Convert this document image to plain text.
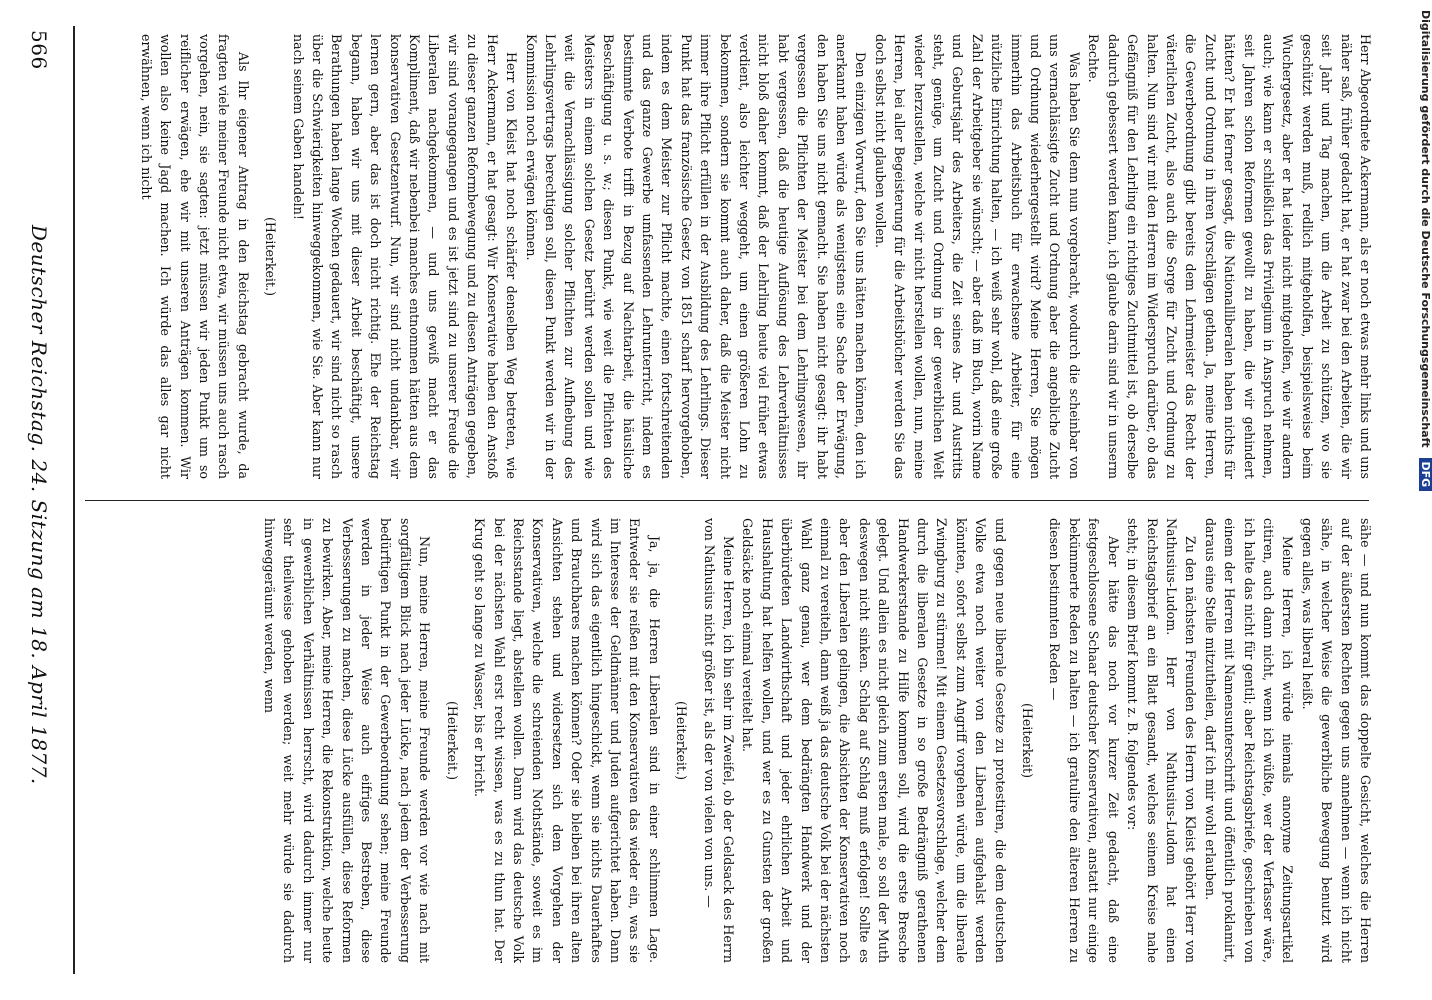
566
Deutscher Reichstag. 24. Sitzung am 18. April 1877.	Herr Abgeordnete Ackermann, als er noch etwas mehr links und uns näher saß, früher gedacht hat, er hat zwar bei den Arbeiten, die wir seit Jahr und Tag machen, um die Arbeit zu schützen, wo sie geschützt werden muß, redlich mitgeholfen, beispielsweise beim Wuchergesetz, aber er hat leider nicht mitgeholfen, wie wir andern auch; wie kann er schließlich das Privilegium in Anspruch nehmen, seit Jahren schon Reformen gewollt zu haben, die wir gehindert hätten? Er hat ferner gesagt, die Nationalliberalen haben nichts für Zucht und Ordnung in ihren Vorschlägen gethan. Ja, meine Herren, die Gewerbeordnung gibt bereits dem Lehrmeister das Recht der väterlichen Zucht, also auch die Sorge für Zucht und Ordnung zu halten. Nun sind wir mit den Herren im Widerspruch darüber, ob das Gefängniß für den Lehrling ein richtiges Zuchtmittel ist, ob derselbe dadurch gebessert werden kann, ich glaube darin sind wir in unserm Rechte.

Was haben Sie denn nun vorgebracht, wodurch die scheinbar von uns vernachlässigte Zucht und Ordnung aber die angebliche Zucht und Ordnung wiederhergestellt wird? Meine Herren, Sie mögen immerhin das Arbeitsbuch für erwachsene Arbeiter, für eine nützliche Einrichtung halten, — ich weiß sehr wohl, daß eine große Zahl der Arbeitgeber sie wünscht; — aber daß im Buch, worin Name und Geburtsjahr des Arbeiters, die Zeit seines An- und Austritts steht, genüge, um Zucht und Ordnung in der gewerblichen Welt wieder herzustellen, welche wir nicht herstellen wollen, nun, meine Herren, bei aller Begeisterung für die Arbeitsbücher werden Sie das doch selbst nicht glauben wollen.

Den einzigen Vorwurf, den Sie uns hätten machen können, den ich anerkannt haben würde als wenigstens eine Sache der Erwägung, den haben Sie uns nicht gemacht. Sie haben nicht gesagt: ihr habt vergessen die Pflichten der Meister bei dem Lehrlingswesen, ihr habt vergessen, daß die heutige Auflösung des Lehrverhältnisses nicht bloß daher kommt, daß der Lehrling heute viel früher etwas verdient, also leichter weggeht, um einen größeren Lohn zu bekommen, sondern sie kommt auch daher, daß die Meister nicht immer ihre Pflicht erfüllen in der Ausbildung des Lehrlings. Dieser Punkt hat das französische Gesetz von 1851 scharf hervorgehoben, indem es dem Meister zur Pflicht machte, einen fortschreitenden und das ganze Gewerbe umfassenden Lehrunterricht, indem es bestimmte Verbote trifft in Bezug auf Nachtarbeit, die häusliche Beschäftigung u. s. w.; diesen Punkt, wie weit die Pflichten des Meisters in einem solchen Gesetz berührt werden sollen und wie weit die Vernachlässigung solcher Pflichten zur Aufhebung des Lehrlingsvertrags berechtigen soll, diesen Punkt werden wir in der Kommission noch erwägen können.

Herr von Kleist hat noch schärfer denselben Weg betreten, wie Herr Ackermann, er hat gesagt: Wir Konservative haben den Anstoß zu dieser ganzen Reformbewegung und zu diesen Anträgen gegeben, wir sind vorangegangen und es ist jetzt sind zu unserer Freude die Liberalen nachgekommen, — und uns gewiß macht er das Kompliment, daß wir nebenbei manches entnommen hätten aus dem konservativen Gesetzentwurf. Nun, wir sind nicht undankbar, wir lernen gern, aber das ist doch nicht richtig. Ehe der Reichstag begann, haben wir uns mit dieser Arbeit beschäftigt, unsere Berathungen haben lange Wochen gedauert, wir sind nicht so rasch über die Schwierigkeiten hinweggekommen, wie Sie. Aber kann nur nach seinem Gaben handeln!

(Heiterkeit.)

Als Ihr eigener Antrag in den Reichstag gebracht wurde, da fragten viele meiner Freunde nicht etwa, wir müssen uns auch rasch vorgehen, nein, sie sagten: jetzt müssen wir jeden Punkt um so reiflicher erwägen, ehe wir mit unseren Anträgen kommen. Wir wollen also keine Jagd machen. Ich würde das alles gar nicht erwähnen, wenn ich nicht

sähe — und nun kommt das doppelte Gesicht, welches die Herren auf der äußersten Rechten gegen uns annehmen — wenn ich nicht sähe, in welcher Weise die gewerbliche Bewegung benutzt wird gegen alles, was liberal heißt.

Meine Herren, ich würde niemals anonyme Zeitungsartikel citiren, auch dann nicht, wenn ich wüßte, wer der Verfasser wäre, ich halte das nicht für gentil; aber Reichstagsbriefe, geschrieben von einem der Herren mit Namensunterschrift und öffentlich proklamirt, daraus eine Stelle mitzutheilen, darf ich mir wohl erlauben.

Zu den nächsten Freunden des Herrn von Kleist gehört Herr von Nathusius-Ludom. Herr von Nathusius-Ludom hat einen Reichstagsbrief an ein Blatt gesandt, welches seinem Kreise nahe steht; in diesem Brief kommt z. B. folgendes vor:

Aber hätte das noch vor kurzer Zeit gedacht, daß eine festgeschlossene Schaar deutscher Konservativen, anstatt nur einige bekümmerte Reden zu halten — ich gratulire den älteren Herren zu diesen bestimmten Reden —

(Heiterkeit)

und gegen neue liberale Gesetze zu protestiren, die dem deutschen Volke etwa noch weiter von den Liberalen aufgehalst werden könnten, sofort selbst zum Angriff vorgehen würde, um die liberale Zwingburg zu stürmen! Mit einem Gesetzesvorschlage, welcher dem durch die liberalen Gesetze in so große Bedrängniß gerathenen Handwerkerstande zu Hilfe kommen soll, wird die erste Bresche gelegt. Und allein es nicht gleich zum ersten male, so soll der Muth deswegen nicht sinken. Schlag auf Schlag muß erfolgen! Sollte es aber den Liberalen gelingen, die Absichten der Konservativen noch einmal zu vereiteln, dann weiß ja das deutsche Volk bei der nächsten Wahl ganz genau, wer dem bedrängten Handwerk und der überbürdeten Landwirthschaft und jeder ehrlichen Arbeit und Haushaltung hat helfen wollen, und wer es zu Gunsten der großen Geldsäcke noch einmal vereitelt hat.

Meine Herren, ich bin sehr im Zweifel, ob der Geldsack des Herrn von Nathusius nicht größer ist, als der von vielen von uns. —

(Heiterkeit.)

Ja, ja, die Herren Liberalen sind in einer schlimmen Lage. Entweder sie reißen mit den Konservativen das wieder ein, was sie im Interesse der Geldmänner und Juden aufgerichtet haben. Dann wird sich das eigentlich hingeschickt, wenn sie nichts Dauerhaftes und Brauchbares machen können? Oder sie bleiben bei ihren alten Ansichten stehen und widersetzen sich dem Vorgehen der Konservativen, welche die schreienden Nothstände, soweit es im Reichsstande liegt, abstellen wollen. Dann wird das deutsche Volk bei der nächsten Wahl erst recht wissen, was es zu thun hat. Der Krug geht so lange zu Wasser, bis er bricht.

(Heiterkeit.)

Nun, meine Herren, meine Freunde werden vor wie nach mit sorgfältigem Blick nach jeder Lücke, nach jedem der Verbesserung bedürftigen Punkt in der Gewerbeordnung sehen; meine Freunde werden in jeder Weise auch eifriges Bestreben, diese Verbesserungen zu machen, diese Lücke ausfüllen, diese Reformen zu bewirken. Aber, meine Herren, die Rekonstruktion, welche heute in gewerblichen Verhältnissen herrscht, wird dadurch immer nur sehr theilweise gehoben werden; weit mehr würde sie dadurch hinweggeräumt werden, wenn

Digitalisierung gefördert durch die Deutsche Forschungsgemeinschaft DFG
